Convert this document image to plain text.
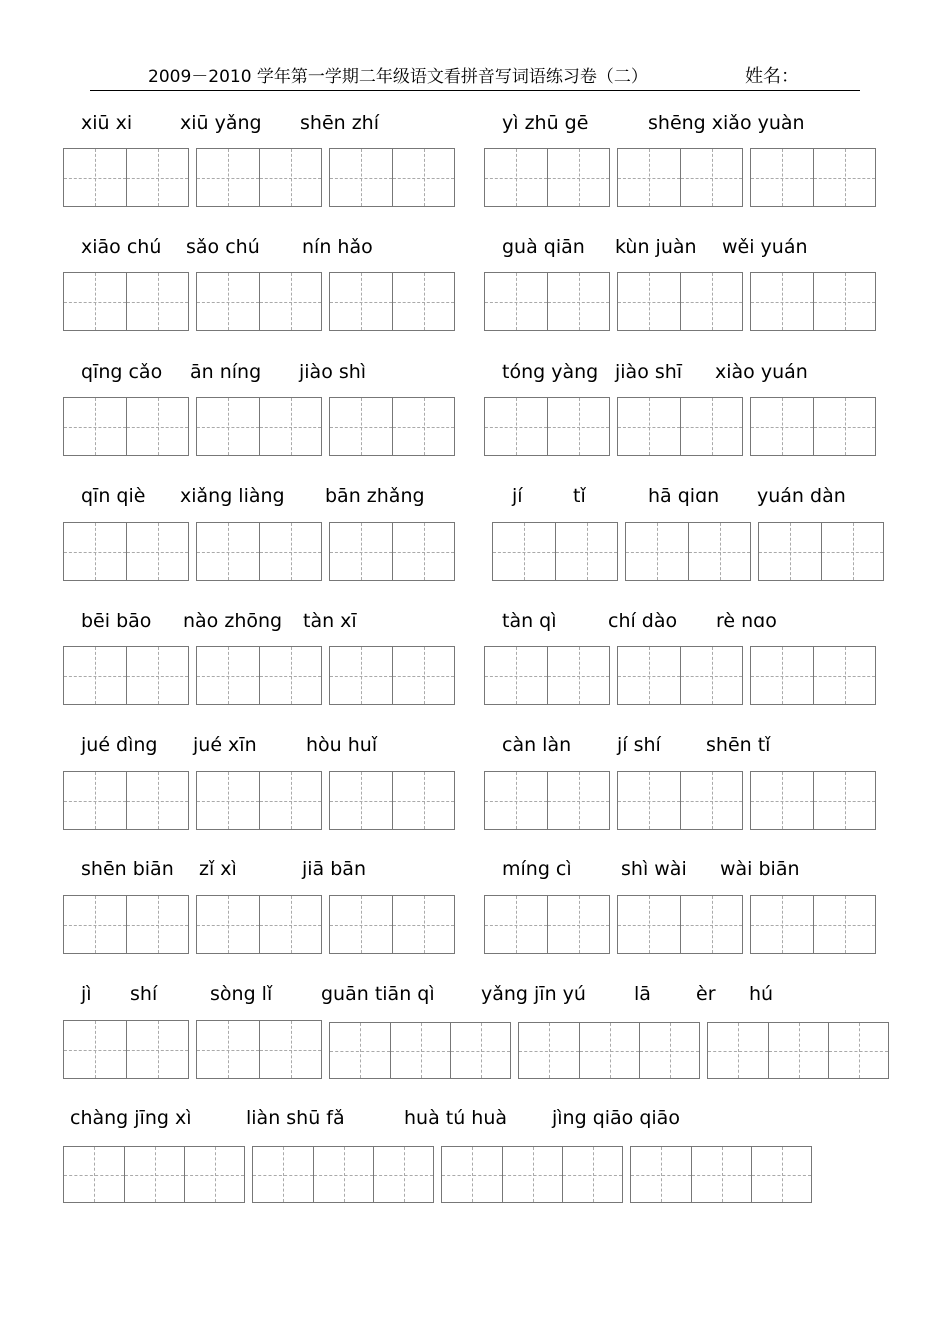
2009－2010 学年第一学期二年级语文看拼音写词语练习卷（二）	姓名：
xiū xi	xiū yǎng shēn zhí	yì zhū gē	shēng xiǎo yuàn
xiāo chú sǎo chú nín hǎo	guà qiān kùn juàn wěi yuán
qīng cǎo ān níng jiào shì	tóng yàng jiào shī xiào yuán
qīn qiè xiǎng liàng bān zhǎng	jí	tǐ	hā qiɑn yuán dàn
bēi bāo nào zhōng tàn xī	tàn qì	chí dào rè nɑo
jué dìng jué xīn	hòu huǐ	càn làn jí shí shēn tǐ
shēn biān zǐ xì	jiā bān	míng cì	shì wài wài biān
jì shí	sòng lǐ	guān tiān qì yǎng jīn yú	lā èr hú
chàng jīng xì	liàn shū fǎ	huà tú huà jìng qiāo qiāo
